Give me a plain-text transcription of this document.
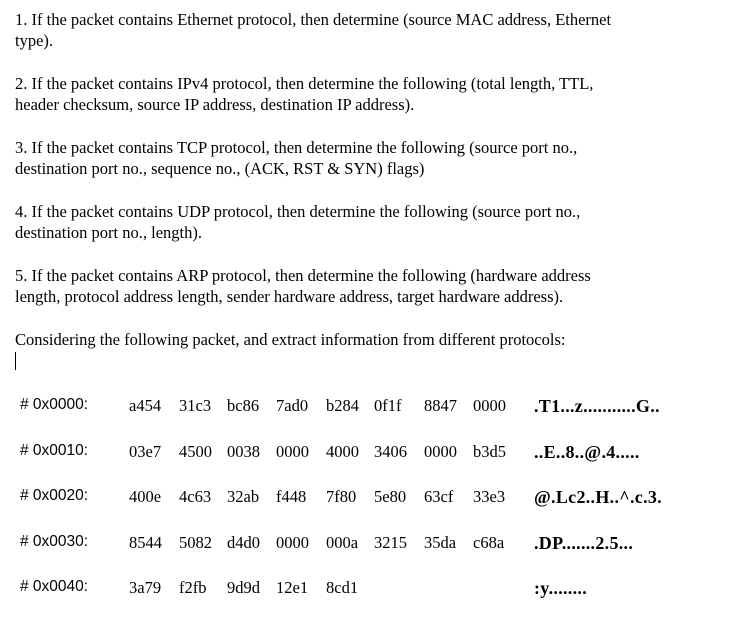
1. If the packet contains Ethernet protocol, then determine (source MAC address, Ethernet
type).

2. If the packet contains IPv4 protocol, then determine the following (total length, TTL,
header checksum, source IP address, destination IP address).

3. If the packet contains TCP protocol, then determine the following (source port no.,
destination port no., sequence no., (ACK, RST & SYN) flags)

4. If the packet contains UDP protocol, then determine the following (source port no.,
destination port no., length).

5. If the packet contains ARP protocol, then determine the following (hardware address
length, protocol address length, sender hardware address, target hardware address).

Considering the following packet, and extract information from different protocols:

# 0x0000: a454 31c3 bc86 7ad0 b284 0f1f 8847 0000 .T1...z...........G..
# 0x0010: 03e7 4500 0038 0000 4000 3406 0000 b3d5 ..E..8..@.4.....
# 0x0020: 400e 4c63 32ab f448 7f80 5e80 63cf 33e3 @.Lc2..H..^.c.3.
# 0x0030: 8544 5082 d4d0 0000 000a 3215 35da c68a .DP.......2.5...
# 0x0040: 3a79 f2fb 9d9d 12e1 8cd1	:y........
